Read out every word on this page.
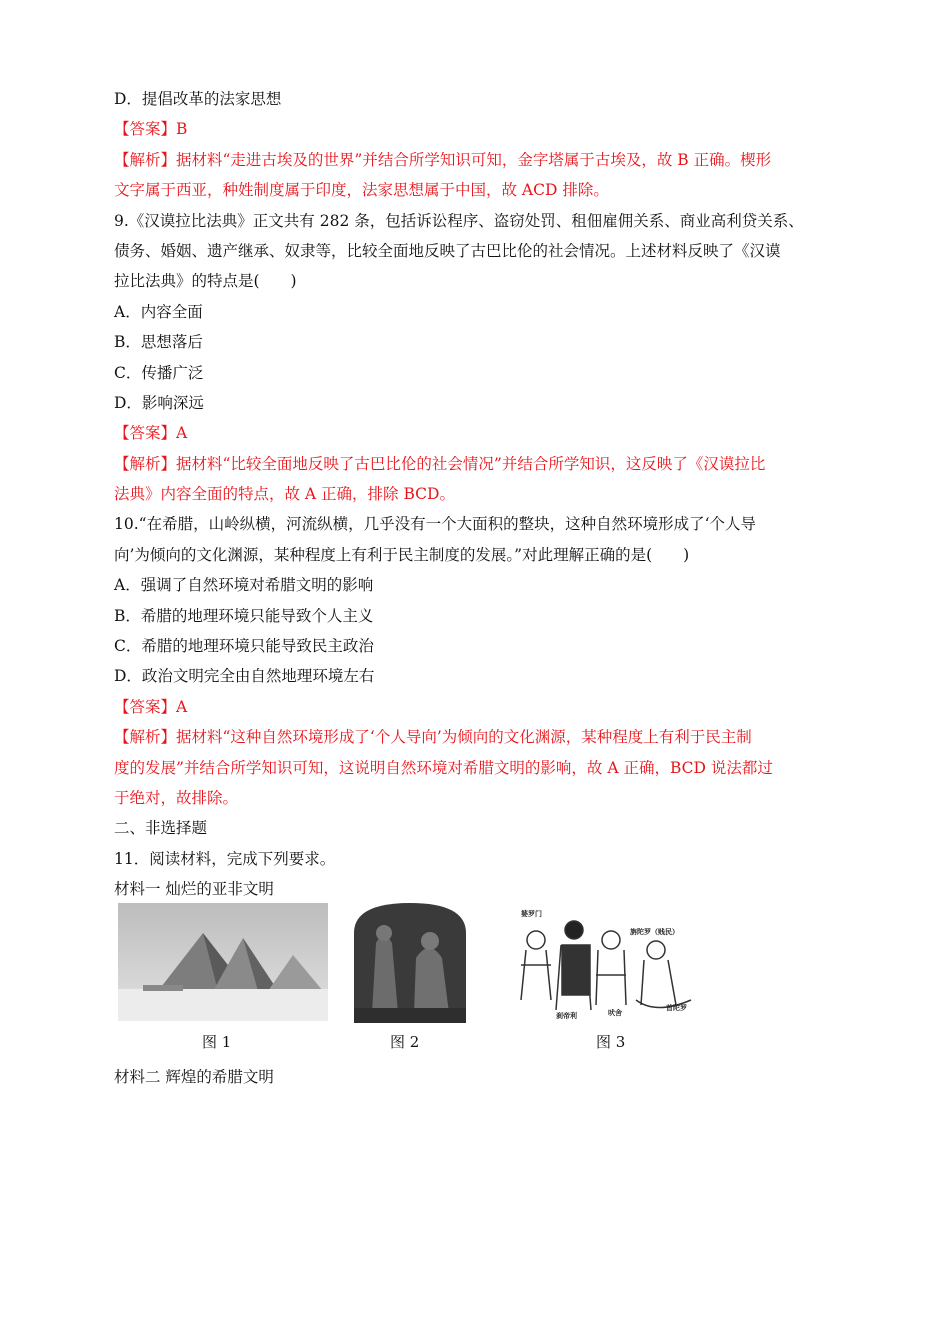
D．提倡改革的法家思想
【答案】B
【解析】据材料“走进古埃及的世界”并结合所学知识可知，金字塔属于古埃及，故 B 正确。楔形
文字属于西亚，种姓制度属于印度，法家思想属于中国，故 ACD 排除。
9.《汉谟拉比法典》正文共有 282 条，包括诉讼程序、盗窃处罚、租佃雇佣关系、商业高利贷关系、
债务、婚姻、遗产继承、奴隶等，比较全面地反映了古巴比伦的社会情况。上述材料反映了《汉谟
拉比法典》的特点是(　　)
A．内容全面
B．思想落后
C．传播广泛
D．影响深远
【答案】A
【解析】据材料“比较全面地反映了古巴比伦的社会情况”并结合所学知识，这反映了《汉谟拉比
法典》内容全面的特点，故 A 正确，排除 BCD。
10.“在希腊，山岭纵横，河流纵横，几乎没有一个大面积的整块，这种自然环境形成了‘个人导
向’为倾向的文化渊源，某种程度上有利于民主制度的发展。”对此理解正确的是(　　)
A．强调了自然环境对希腊文明的影响
B．希腊的地理环境只能导致个人主义
C．希腊的地理环境只能导致民主政治
D．政治文明完全由自然地理环境左右
【答案】A
【解析】据材料“这种自然环境形成了‘个人导向’为倾向的文化渊源，某种程度上有利于民主制
度的发展”并结合所学知识可知，这说明自然环境对希腊文明的影响，故 A 正确，BCD 说法都过
于绝对，故排除。
二、非选择题
11．阅读材料，完成下列要求。
材料一 灿烂的亚非文明
图 1	图 2
婆罗门
刹帝利	吠舍
首陀罗
旃陀罗（贱民）
图 3
材料二 辉煌的希腊文明
